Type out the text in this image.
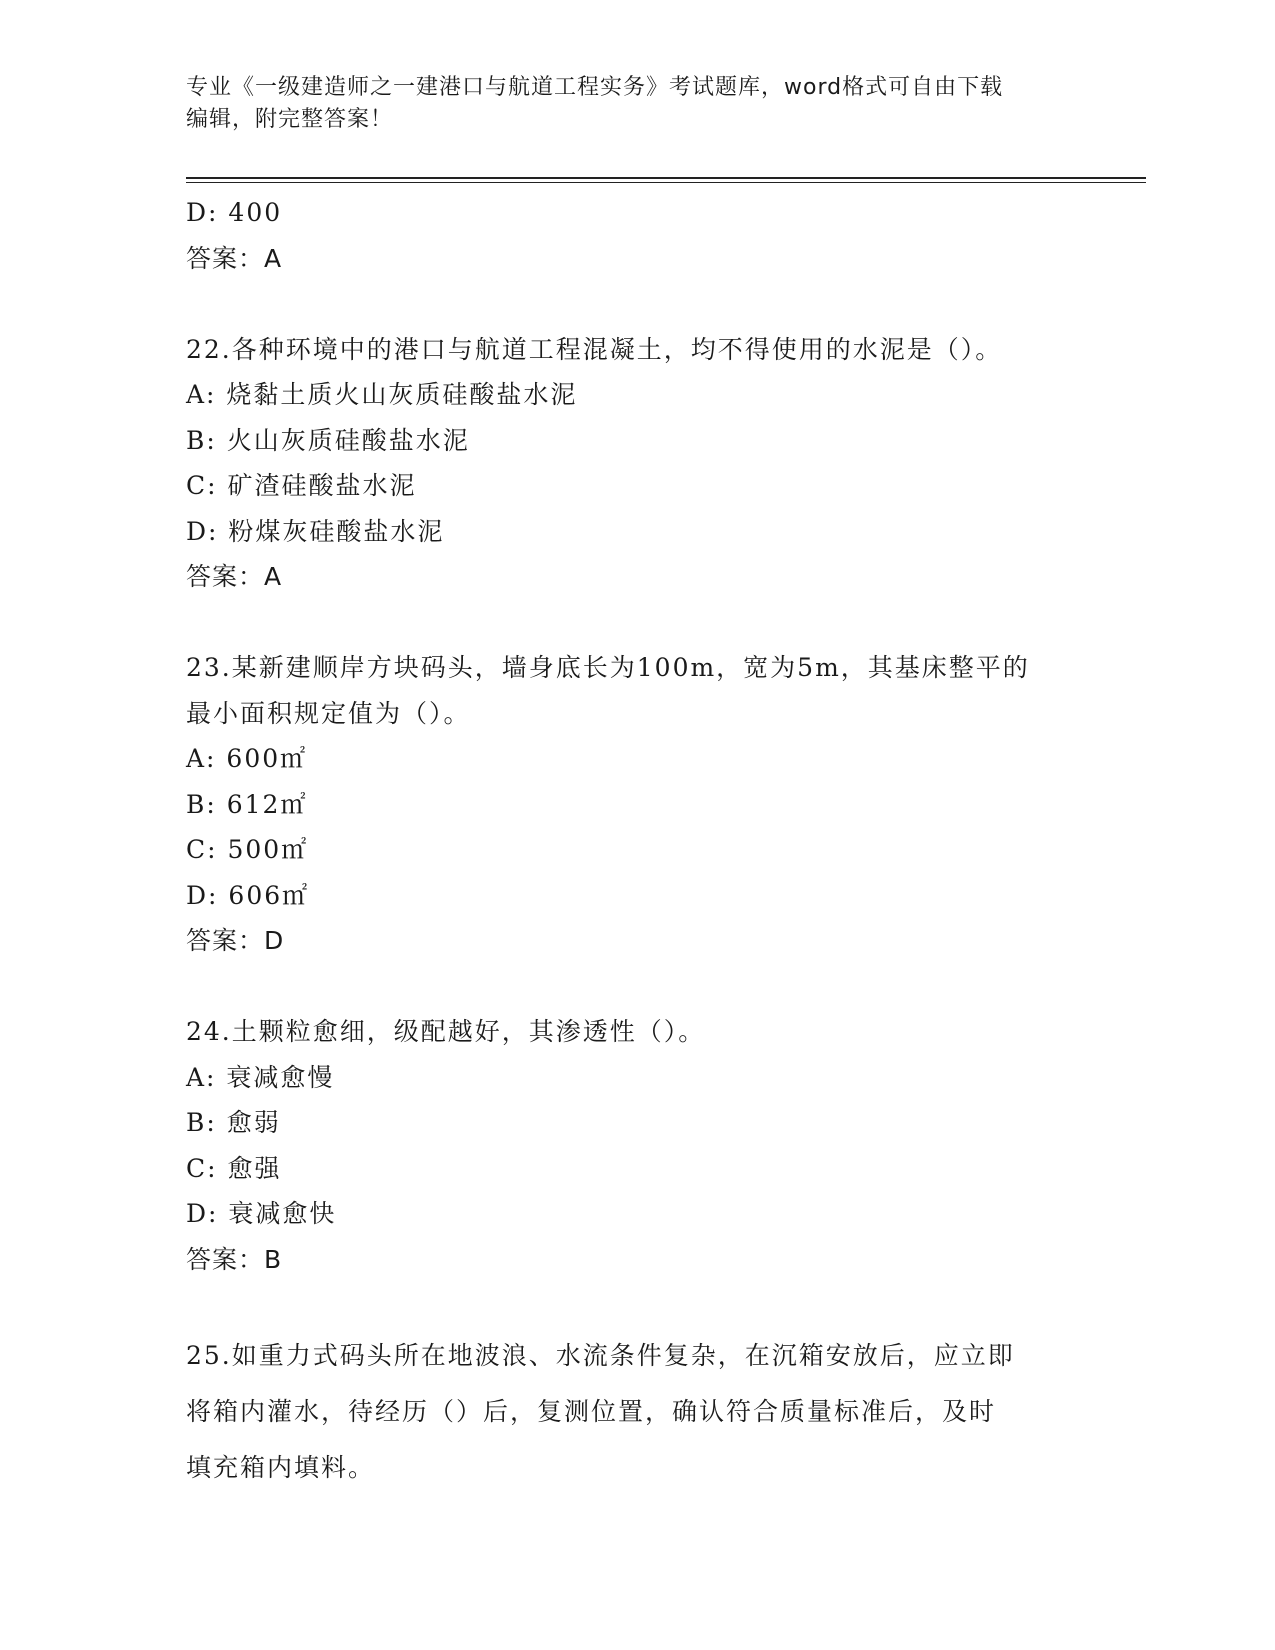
专业《一级建造师之一建港口与航道工程实务》考试题库，word格式可自由下载
编辑，附完整答案！
D: 400
答案：A
22.各种环境中的港口与航道工程混凝土，均不得使用的水泥是（）。
A: 烧黏土质火山灰质硅酸盐水泥
B: 火山灰质硅酸盐水泥
C: 矿渣硅酸盐水泥
D: 粉煤灰硅酸盐水泥
答案：A
23.某新建顺岸方块码头，墙身底长为100m，宽为5m，其基床整平的
最小面积规定值为（）。
A: 600㎡
B: 612㎡
C: 500㎡
D: 606㎡
答案：D
24.土颗粒愈细，级配越好，其渗透性（）。
A: 衰减愈慢
B: 愈弱
C: 愈强
D: 衰减愈快
答案：B
25.如重力式码头所在地波浪、水流条件复杂，在沉箱安放后，应立即
将箱内灌水，待经历（）后，复测位置，确认符合质量标准后，及时
填充箱内填料。
